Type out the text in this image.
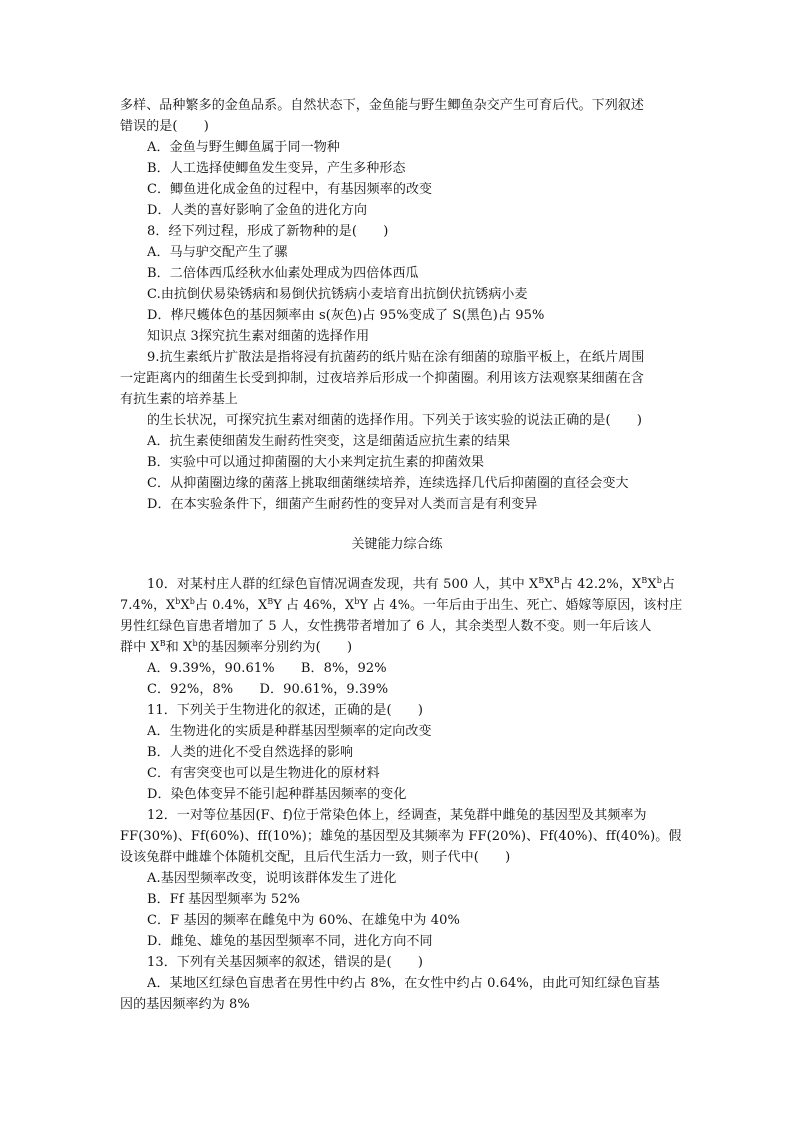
多样、品种繁多的金鱼品系。自然状态下，金鱼能与野生鲫鱼杂交产生可育后代。下列叙述
错误的是(　　)
A．金鱼与野生鲫鱼属于同一物种
B．人工选择使鲫鱼发生变异，产生多种形态
C．鲫鱼进化成金鱼的过程中，有基因频率的改变
D．人类的喜好影响了金鱼的进化方向
8．经下列过程，形成了新物种的是(　　)
A．马与驴交配产生了骡
B．二倍体西瓜经秋水仙素处理成为四倍体西瓜
C.由抗倒伏易染锈病和易倒伏抗锈病小麦培育出抗倒伏抗锈病小麦
D．桦尺蠖体色的基因频率由 s(灰色)占 95%变成了 S(黑色)占 95%
知识点 3探究抗生素对细菌的选择作用
9.抗生素纸片扩散法是指将浸有抗菌药的纸片贴在涂有细菌的琼脂平板上，在纸片周围
一定距离内的细菌生长受到抑制，过夜培养后形成一个抑菌圈。利用该方法观察某细菌在含
有抗生素的培养基上
的生长状况，可探究抗生素对细菌的选择作用。下列关于该实验的说法正确的是(　　)
A．抗生素使细菌发生耐药性突变，这是细菌适应抗生素的结果
B．实验中可以通过抑菌圈的大小来判定抗生素的抑菌效果
C．从抑菌圈边缘的菌落上挑取细菌继续培养，连续选择几代后抑菌圈的直径会变大
D．在本实验条件下，细菌产生耐药性的变异对人类而言是有利变异
关键能力综合练
10．对某村庄人群的红绿色盲情况调查发现，共有 500 人，其中 $X^BX^B$占 42.2%，$X^BX^b$占
7.4%，$X^bX^b$占 0.4%，$X^BY$ 占 46%，$X^bY$ 占 4%。一年后由于出生、死亡、婚嫁等原因，该村庄
男性红绿色盲患者增加了 5 人，女性携带者增加了 6 人，其余类型人数不变。则一年后该人
群中 $X^B$和 $X^b$的基因频率分别约为(　　)
A．9.39%，90.61%　　B．8%，92%
C．92%，8%　　D．90.61%，9.39%
11．下列关于生物进化的叙述，正确的是(　　)
A．生物进化的实质是种群基因型频率的定向改变
B．人类的进化不受自然选择的影响
C．有害突变也可以是生物进化的原材料
D．染色体变异不能引起种群基因频率的变化
12．一对等位基因(F、f)位于常染色体上，经调查，某兔群中雌兔的基因型及其频率为
FF(30%)、Ff(60%)、ff(10%)；雄兔的基因型及其频率为 FF(20%)、Ff(40%)、ff(40%)。假
设该兔群中雌雄个体随机交配，且后代生活力一致，则子代中(　　)
A.基因型频率改变，说明该群体发生了进化
B．Ff 基因型频率为 52%
C．F 基因的频率在雌兔中为 60%、在雄兔中为 40%
D．雌兔、雄兔的基因型频率不同，进化方向不同
13．下列有关基因频率的叙述，错误的是(　　)
A．某地区红绿色盲患者在男性中约占 8%，在女性中约占 0.64%，由此可知红绿色盲基
因的基因频率约为 8%
